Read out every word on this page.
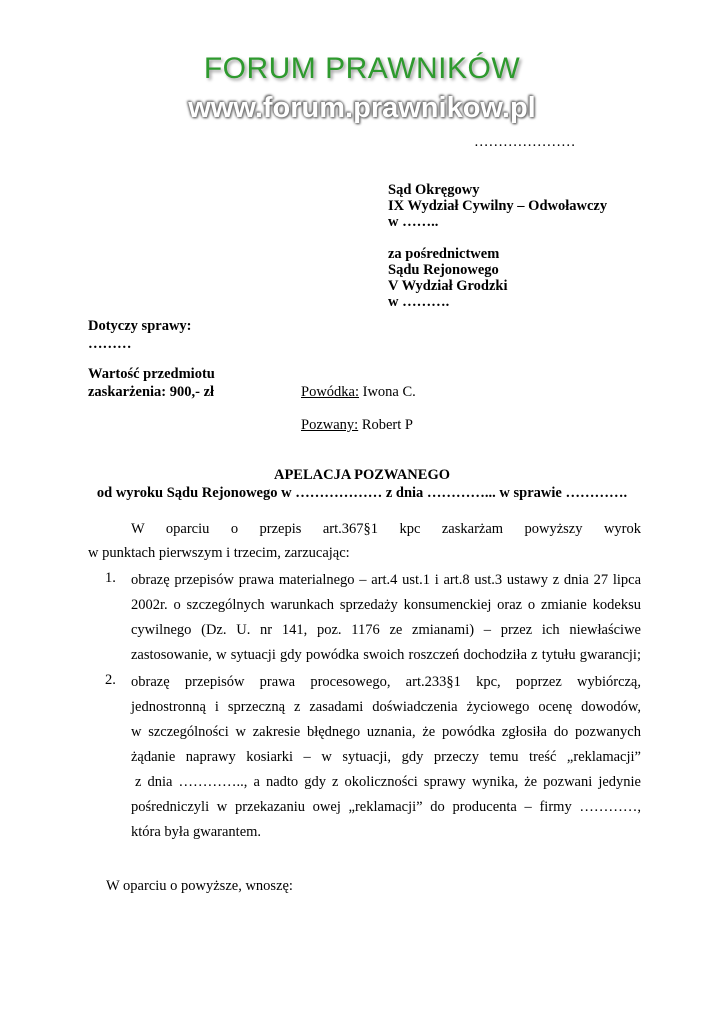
FORUM PRAWNIKÓW
www.forum.prawnikow.pl
…………………
Sąd Okręgowy
IX Wydział Cywilny – Odwoławczy
w ……..
za pośrednictwem
Sądu Rejonowego
V Wydział Grodzki
w ……….
Dotyczy sprawy:
………
Wartość przedmiotu
zaskarżenia: 900,- zł	Powódka: Iwona C.
Pozwany: Robert P
APELACJA POZWANEGO
od wyroku Sądu Rejonowego w ……………… z dnia …………... w sprawie ………….
W oparciu o przepis art.367§1 kpc zaskarżam powyższy wyrok
w punktach pierwszym i trzecim, zarzucając:
1. obrazę przepisów prawa materialnego – art.4 ust.1 i art.8 ust.3 ustawy z dnia 27 lipca
2002r. o szczególnych warunkach sprzedaży konsumenckiej oraz o zmianie kodeksu
cywilnego (Dz. U. nr 141, poz. 1176 ze zmianami) – przez ich niewłaściwe
zastosowanie, w sytuacji gdy powódka swoich roszczeń dochodziła z tytułu gwarancji;
2. obrazę przepisów prawa procesowego, art.233§1 kpc, poprzez wybiórczą,
jednostronną i sprzeczną z zasadami doświadczenia życiowego ocenę dowodów,
w szczególności w zakresie błędnego uznania, że powódka zgłosiła do pozwanych
żądanie naprawy kosiarki – w sytuacji, gdy przeczy temu treść „reklamacji”
z dnia ………….., a nadto gdy z okoliczności sprawy wynika, że pozwani jedynie
pośredniczyli w przekazaniu owej „reklamacji” do producenta – firmy …………,
która była gwarantem.
W oparciu o powyższe, wnoszę:
